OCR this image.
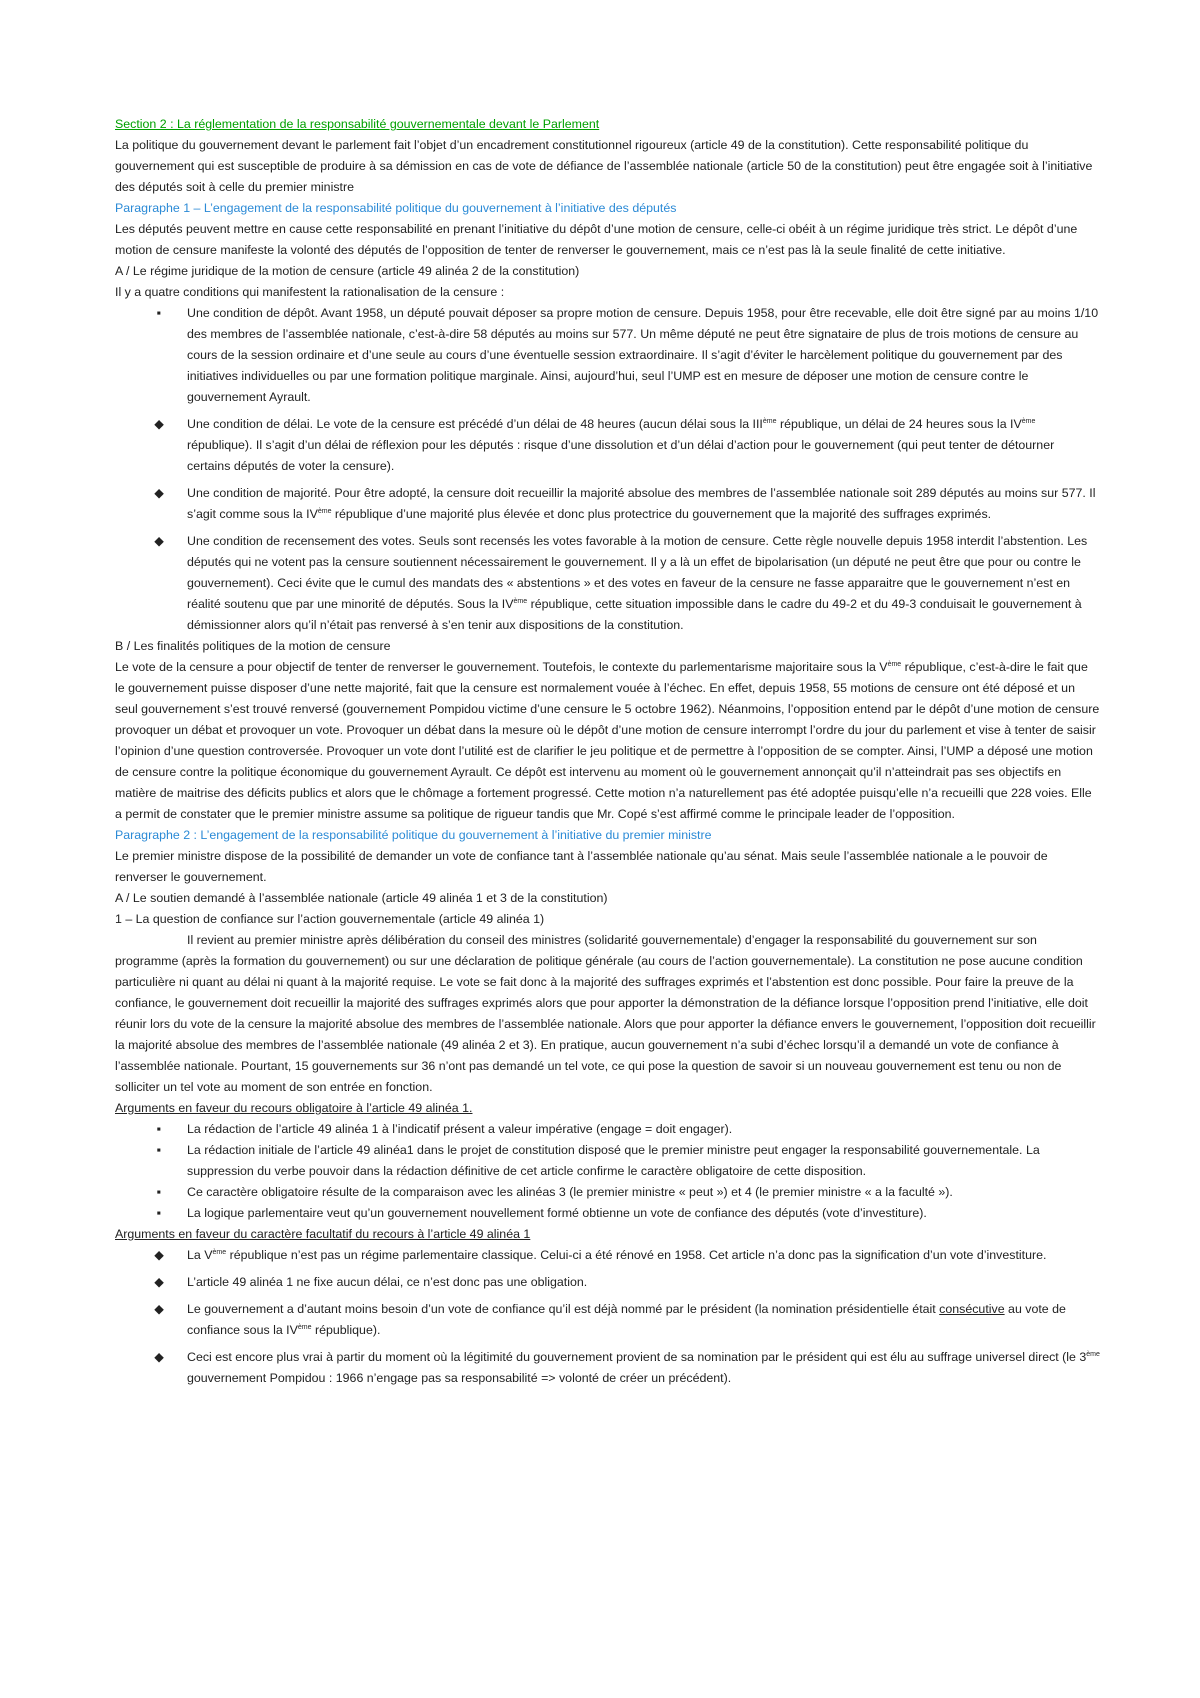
Section 2 : La réglementation de la responsabilité gouvernementale devant le Parlement

La politique du gouvernement devant le parlement fait l’objet d’un encadrement constitutionnel rigoureux (article 49 de la constitution). Cette responsabilité politique du gouvernement qui est susceptible de produire à sa démission en cas de vote de défiance de l’assemblée nationale (article 50 de la constitution) peut être engagée soit à l’initiative des députés soit à celle du premier ministre

Paragraphe 1 – L’engagement de la responsabilité politique du gouvernement à l’initiative des députés

Les députés peuvent mettre en cause cette responsabilité en prenant l’initiative du dépôt d’une motion de censure, celle-ci obéit à un régime juridique très strict. Le dépôt d’une motion de censure manifeste la volonté des députés de l’opposition de tenter de renverser le gouvernement, mais ce n’est pas là la seule finalité de cette initiative.

A / Le régime juridique de la motion de censure (article 49 alinéa 2 de la constitution)

Il y a quatre conditions qui manifestent la rationalisation de la censure :

▪	Une condition de dépôt. Avant 1958, un député pouvait déposer sa propre motion de censure. Depuis 1958, pour être recevable, elle doit être signé par au moins 1/10 des membres de l’assemblée nationale, c’est-à-dire 58 députés au moins sur 577. Un même député ne peut être signataire de plus de trois motions de censure au cours de la session ordinaire et d’une seule au cours d’une éventuelle session extraordinaire. Il s’agit d’éviter le harcèlement politique du gouvernement par des initiatives individuelles ou par une formation politique marginale. Ainsi, aujourd’hui, seul l’UMP est en mesure de déposer une motion de censure contre le gouvernement Ayrault.
◆ Une condition de délai. Le vote de la censure est précédé d’un délai de 48 heures (aucun délai sous la IIIème république, un délai de 24 heures sous la IVème république). Il s’agit d’un délai de réflexion pour les députés : risque d’une dissolution et d’un délai d’action pour le gouvernement (qui peut tenter de détourner certains députés de voter la censure).
◆ Une condition de majorité. Pour être adopté, la censure doit recueillir la majorité absolue des membres de l’assemblée nationale soit 289 députés au moins sur 577. Il s’agit comme sous la IVème république d’une majorité plus élevée et donc plus protectrice du gouvernement que la majorité des suffrages exprimés.
◆ Une condition de recensement des votes. Seuls sont recensés les votes favorable à la motion de censure. Cette règle nouvelle depuis 1958 interdit l’abstention. Les députés qui ne votent pas la censure soutiennent nécessairement le gouvernement. Il y a là un effet de bipolarisation (un député ne peut être que pour ou contre le gouvernement). Ceci évite que le cumul des mandats des « abstentions » et des votes en faveur de la censure ne fasse apparaitre que le gouvernement n’est en réalité soutenu que par une minorité de députés. Sous la IVème république, cette situation impossible dans le cadre du 49-2 et du 49-3 conduisait le gouvernement à démissionner alors qu’il n’était pas renversé à s’en tenir aux dispositions de la constitution.

B / Les finalités politiques de la motion de censure

Le vote de la censure a pour objectif de tenter de renverser le gouvernement. Toutefois, le contexte du parlementarisme majoritaire sous la Vème république, c’est-à-dire le fait que le gouvernement puisse disposer d’une nette majorité, fait que la censure est normalement vouée à l’échec. En effet, depuis 1958, 55 motions de censure ont été déposé et un seul gouvernement s’est trouvé renversé (gouvernement Pompidou victime d’une censure le 5 octobre 1962). Néanmoins, l’opposition entend par le dépôt d’une motion de censure provoquer un débat et provoquer un vote. Provoquer un débat dans la mesure où le dépôt d’une motion de censure interrompt l’ordre du jour du parlement et vise à tenter de saisir l’opinion d’une question controversée. Provoquer un vote dont l’utilité est de clarifier le jeu politique et de permettre à l’opposition de se compter. Ainsi, l’UMP a déposé une motion de censure contre la politique économique du gouvernement Ayrault. Ce dépôt est intervenu au moment où le gouvernement annonçait qu’il n’atteindrait pas ses objectifs en matière de maitrise des déficits publics et alors que le chômage a fortement progressé. Cette motion n’a naturellement pas été adoptée puisqu’elle n’a recueilli que 228 voies. Elle a permit de constater que le premier ministre assume sa politique de rigueur tandis que Mr. Copé s’est affirmé comme le principale leader de l’opposition.

Paragraphe 2 : L’engagement de la responsabilité politique du gouvernement à l’initiative du premier ministre

Le premier ministre dispose de la possibilité de demander un vote de confiance tant à l’assemblée nationale qu’au sénat. Mais seule l’assemblée nationale a le pouvoir de renverser le gouvernement.

A / Le soutien demandé à l’assemblée nationale (article 49 alinéa 1 et 3 de la constitution)

1 – La question de confiance sur l’action gouvernementale (article 49 alinéa 1)

Il revient au premier ministre après délibération du conseil des ministres (solidarité gouvernementale) d’engager la responsabilité du gouvernement sur son programme (après la formation du gouvernement) ou sur une déclaration de politique générale (au cours de l’action gouvernementale). La constitution ne pose aucune condition particulière ni quant au délai ni quant à la majorité requise. Le vote se fait donc à la majorité des suffrages exprimés et l’abstention est donc possible. Pour faire la preuve de la confiance, le gouvernement doit recueillir la majorité des suffrages exprimés alors que pour apporter la démonstration de la défiance lorsque l’opposition prend l’initiative, elle doit réunir lors du vote de la censure la majorité absolue des membres de l’assemblée nationale. Alors que pour apporter la défiance envers le gouvernement, l’opposition doit recueillir la majorité absolue des membres de l’assemblée nationale (49 alinéa 2 et 3). En pratique, aucun gouvernement n’a subi d’échec lorsqu’il a demandé un vote de confiance à l’assemblée nationale. Pourtant, 15 gouvernements sur 36 n’ont pas demandé un tel vote, ce qui pose la question de savoir si un nouveau gouvernement est tenu ou non de solliciter un tel vote au moment de son entrée en fonction.

Arguments en faveur du recours obligatoire à l’article 49 alinéa 1.

▪	La rédaction de l’article 49 alinéa 1 à l’indicatif présent a valeur impérative (engage = doit engager).
▪	La rédaction initiale de l’article 49 alinéa1 dans le projet de constitution disposé que le premier ministre peut engager la responsabilité gouvernementale. La suppression du verbe pouvoir dans la rédaction définitive de cet article confirme le caractère obligatoire de cette disposition.
▪	Ce caractère obligatoire résulte de la comparaison avec les alinéas 3 (le premier ministre « peut ») et 4 (le premier ministre « a la faculté »).
▪	La logique parlementaire veut qu’un gouvernement nouvellement formé obtienne un vote de confiance des députés (vote d’investiture).

Arguments en faveur du caractère facultatif du recours à l’article 49 alinéa 1

◆ La Vème république n’est pas un régime parlementaire classique. Celui-ci a été rénové en 1958. Cet article n’a donc pas la signification d’un vote d’investiture.
◆ L’article 49 alinéa 1 ne fixe aucun délai, ce n’est donc pas une obligation.
◆ Le gouvernement a d’autant moins besoin d’un vote de confiance qu’il est déjà nommé par le président (la nomination présidentielle était consécutive au vote de confiance sous la IVème république).
◆ Ceci est encore plus vrai à partir du moment où la légitimité du gouvernement provient de sa nomination par le président qui est élu au suffrage universel direct (le 3ème gouvernement Pompidou : 1966 n’engage pas sa responsabilité => volonté de créer un précédent).
